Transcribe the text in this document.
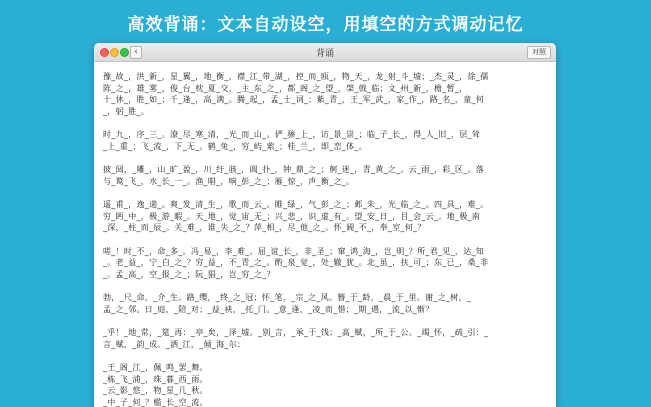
高效背诵：文本自动设空，用填空的方式调动记忆
‹	背诵	对照
豫_故_，洪_新_，星_翼_，地_衡_，襟_江_带_湖_，控_而_瓯_，物_天_，龙_射_斗_墟；_杰_灵_，徐_孺
陈_之_，雄_雾_，俊_台_枕_夏_交，_主_东_之_，都_阁_之_望_，棨_戟_临；文_州_新_，檐_暂_，
十_休_，胜_如_；千_逢_，高_满_。腾_起_，孟_士_词_；紫_青_，王_军_武_，家_作_，路_名_，童_何
_，躬_胜_。
时_九_，序_三_。潦_尽_寒_清，_光_而_山_。俨_骖_上_，访_景_崇_；临_子_长_，得_人_旧_，层_耸
_上_重_；飞_流_，下_无_。鹤_兔_，穷_屿_萦_；桂_兰_，即_峦_体_。
披_闼，_雕_，山_旷_盈_，川_纡_骇_，阊_扑_，钟_鼎_之_；舸_迷_，青_黄_之_。云_雨_，彩_区_。落
与_鹜_飞_，水_长_一_。渔_唱_，响_彭_之_；雁_惊_，声_衡_之_。
遥_甫_，逸_遄_。爽_发_清_生_，歌_而_云_。睢_绿_，气_彭_之_；邺_朱_，光_临_之_。四_具_，难_。
穷_眄_中_，极_游_暇_。天_地_，觉_宙_无_；兴_悲_，识_虚_有_。望_安_日_，目_会_云_。地_极_南
_深，_柱_而_辰_。关_难_，谁_失_之_？萍_相_，尽_他_之_。怀_阍_不_，奉_室_何_？
嗟_！时_不_，命_多_。冯_易_，李_难_。屈_谊_长_，非_圣_；窜_鸿_海_，岂_明_？所_君_见_，达_知
_。老_益_，宁_白_之_？穷_益_，不_青_之_。酌_泉_觉_，处_辙_犹_。北_虽_，扶_可_；东_已_，桑_非
_。孟_高_，空_报_之_；阮_猖_，岂_穷_之_？
勃，_尺_命，_介_生。路_缨，_终_之_冠；怀_笔，_宗_之_风。簪_于_龄，_晨_于_里。谢_之_树，_
孟_之_邻。日_庭，_陪_对；_益_袂，_托_门。_意_逢，_凌_而_惜；_期_遇，_流_以_惭？
_乎！_地_常，_筵_再：_亭_矣，_泽_墟。_别_言，_承_于_饯；_高_赋，_所_于_公。_竭_怀，_疏_引：_
言_赋，_韵_成。_洒_江，_倾_海_尔：
_王_阁_江_，佩_鸣_罢_舞。
_栋_飞_浦_，珠_暮_西_雨。
_云_影_悠_，物_星_几_秋。
_中_子_何_？槛_长_空_流。
